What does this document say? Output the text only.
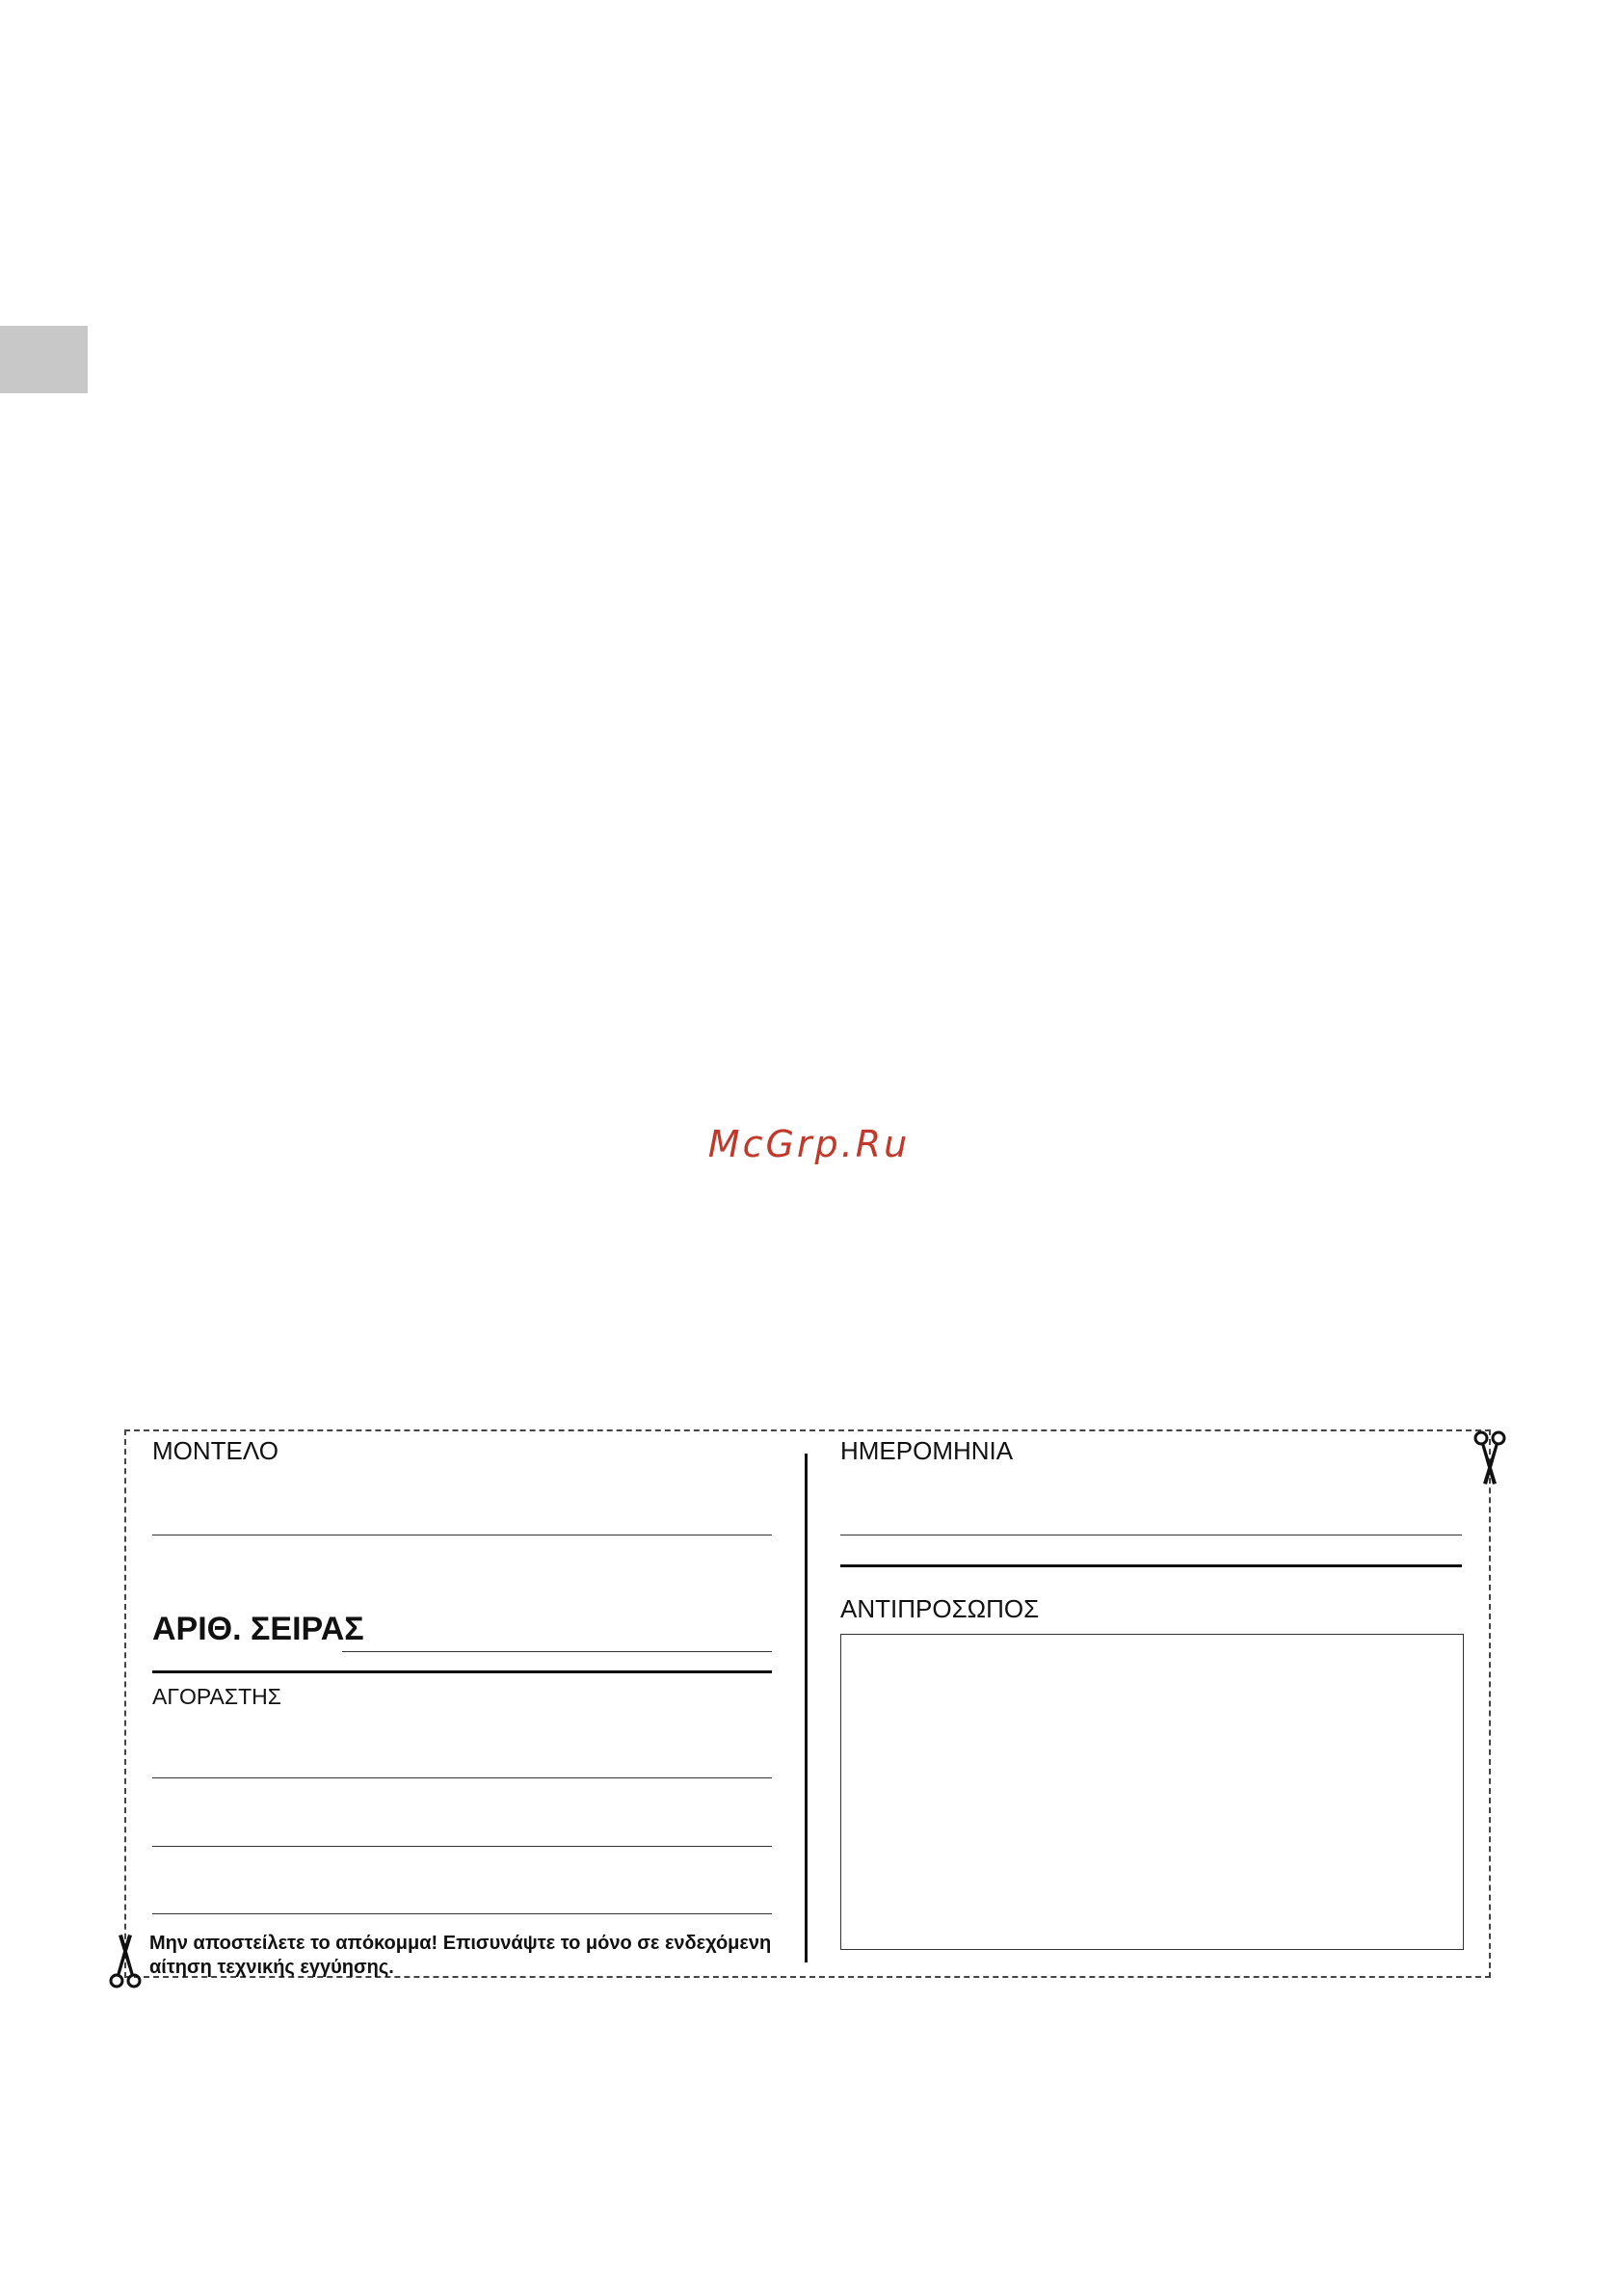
McGrp.Ru
ΜΟΝΤΕΛΟ
ΑΡΙΘ. ΣΕΙΡΑΣ
ΑΓΟΡΑΣΤΗΣ
Μην αποστείλετε το απόκομμα! Επισυνάψτε το μόνο σε ενδεχόμενη αίτηση τεχνικής εγγύησης.
ΗΜΕΡΟΜΗΝΙΑ
ΑΝΤΙΠΡΟΣΩΠΟΣ
